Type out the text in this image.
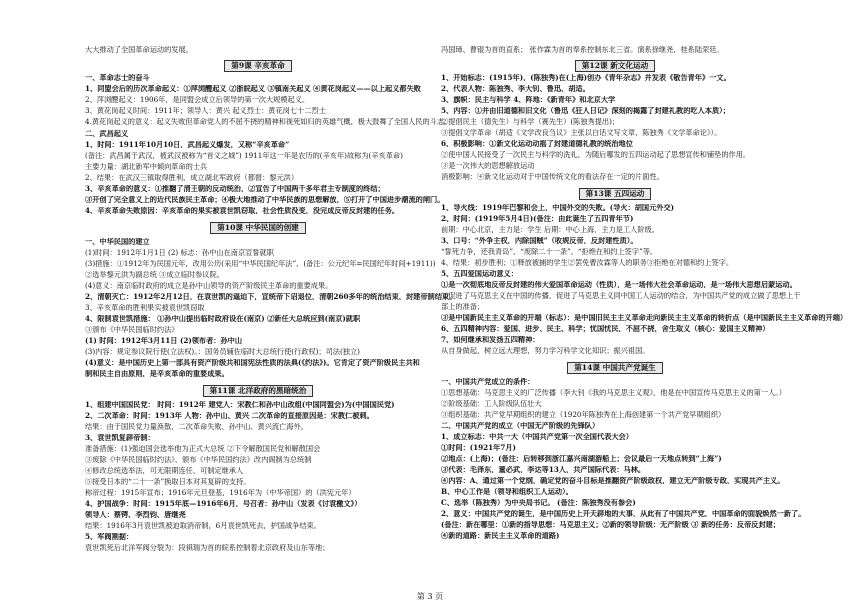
大大推动了全国革命运动的发展。
第9课 辛亥革命
一、革命志士的奋斗
1、同盟会后的历次革命起义：①萍浏醴起义 ②浙皖起义 ③镇南关起义 ④黄花岗起义——以上起义都失败
2、萍浏醴起义：1906年，是同盟会成立后领导的第一次大规模起义。
3、黄花岗起义时间：1911年；领导人：黄兴 起义烈士：黄花岗七十二烈士
4.黄花岗起义的意义：起义失败但革命党人的不屈不挠的精神和视死如归的英雄气概，极大鼓舞了全国人民的斗志。
二、武昌起义
1、时间：1911年10月10日，武昌起义爆发，又称“辛亥革命”
(备注：武昌属于武汉，被武汉被称为“首义之城”) 1911年这一年是农历的(辛亥年)故称为(辛亥革命)
主要力量：湖北新军中倾向革命的士兵
2、结果：在武汉三镇取得胜利，成立湖北军政府（都督：黎元洪）
3、辛亥革命的意义：①推翻了清王朝的反动统治，②宣告了中国两千多年君主专制度的终结；
③开创了完全意义上的近代民族民主革命；④极大地推动了中华民族的思想解放，⑤打开了中国进步潮流的闸门。
4、辛亥革命失败原因：辛亥革命的果实被袁世凯窃取，社会性质没变，没完成反帝反封建的任务。
第10课 中华民国的创建
一、中华民国的建立
(1)时间：1912年1月1日 (2) 标志：孙中山在南京宣誓就职
(3)措施：①1912年为民国元年，改用公历(采用“中华民国纪年法”，(备注：公元纪年=民国纪年时间+1911))
②选举黎元洪为副总统 ③成立临时参议院。
(4)意义：南京临时政府的成立是孙中山领导的资产阶级民主革命的重要成果。
2、清朝灭亡：1912年2月12日，在袁世凯的逼迫下，宣统帝下诏退位，清朝260多年的统治结束，封建帝制结束。
3、辛亥革命的胜利果实被袁世凯窃取
4、限制袁世凯措施： ①孙中山提出临时政府设在(南京) ②新任大总统应到(南京)就职
③颁布《中华民国临时约法》
(1) 时间：1912年3月11日 (2)领布者：孙中山
(3)内容：规定参议院行使(立法权)。：国务员辅佐临时大总统行使(行政权)；司法(独立)
(4)意义：是中国历史上第一部具有资产阶级共和国宪法性质的法典(《约法》)。它肯定了资产阶级民主共和
制和民主自由原则，是辛亥革命的重要成果。
第11课 北洋政府的黑暗统治
1、组建中国国民党： 时间：1912年 建党人：宋教仁和孙中山改组(中国同盟会)为(中国国民党)
2、二次革命：时间：1913年 人物：孙中山、黄兴 二次革命的直接原因是：宋教仁被刺。
结果：由于国民党力量涣散，二次革命失败，孙中山、黄兴流亡海外。
3、袁世凯复辟帝制：
准备措施：(1)强迫国会选举他为正式大总统 ②下令解散国民党和解散国会
③废除《中华民国临时约法》，颁布《中华民国约法》改内阁制为总统制
④修改总统选举法，可无限期连任，可制定继承人
⑤接受日本的“二十一条”换取日本对其复辟的支持。
称帝过程：1915年宣布；1916年元旦登基，1916年为（中华帝国）的（洪宪元年）
4、护国战争：时间：1915年底—1916年6月，号召者：孙中山（发表《讨袁檄文》）
领导人：蔡锷、李烈钧、唐继尧
结果：1916年3月袁世凯被迫取消帝制，6月袁世凯死去，护国战争结束。
5、军阀割据：
袁世凯死后北洋军阀分裂为：段祺瑞为首的皖系控制着北京政府及山东等地；
冯国璋、曹锟为首的直系； 张作霖为首的奉系控制东北三省。演系徐继尧，桂系陆荣廷。
第12课 新文化运动
1、开始标志：(1915年)，(陈独秀)在(上海)创办《青年杂志》并发表《敬告青年》一文。
2、代表人物：陈独秀、李大钊、鲁迅、胡适。
3、旗帜：民主与科学 4、阵地：《新青年》和北京大学
5、内容：①并由旧道德和旧文化（鲁迅《狂人日记》深刻的揭露了封建礼教的吃人本质）；
②提倡民主（德先生）与科学（赛先生）(陈独秀提出)；
③提倡文学革命（胡适《文学改良刍议》主张以白话文写文章，陈独秀《文学革命论》）。
6、积极影响：①新文化运动动摇了封建道德礼教的统治地位
②使中国人民接受了一次民主与科学的洗礼，为随后哪发的五四运动起了思想宣传和铺垫的作用。
③是一次伟大的思想解放运动
消极影响：④新文化运动对于中国传统文化的看法存在一定的片面性。
第13课 五四运动
1、导火线：1919年巴黎和会上，中国外交的失败。(导火：胡国元外交)
2、时间：(1919年5月4日)(备注：由此诞生了五四青年节)
前期：中心北京，主力是：学生 后期：中心上海，主力是工人阶级。
3、口号：“外争主权，内除国贼”（收规反帝，反封建性质）。
“誓死力争，还我青岛”，“废除二十一条”，“拒绝在和约上签字”等。
4、结果：初步胜利；①释放被捕的学生②罢免曹汝霖等人的职务③拒绝在对德和约上签字。
5、五四爱国运动意义：
①是一次彻底地反帝反封建的伟大爱国革命运动（性质），是一场伟大社会革命运动，是一场伟大思想启蒙运动。
②促进了马克思主义在中国的传播，促进了马克思主义同中国工人运动的结合，为中国共产党的成立做了思想上干
部上的准备；
③是中国新民主主义革命的开端（标志）：是中国旧民主主义革命走向新民主主义革命的转折点（是中国新民主主义革命的开端）
6、五四精神内容：爱国、进步、民主、科学；忧国忧民，不屈不挠，舍生取义（核心：爱国主义精神）
7、如何继承和发扬五四精神：
从自身做起，树立远大理想，努力学习科学文化知识；振兴祖国。
第14课 中国共产党诞生
一、中国共产党成立的条件：
①思想基础：马克思主义的广泛传播（李大钊《我的马克思主义观》，他是在中国宣传马克思主义的第一人。）
②阶级基础：工人阶级队伍壮大
③组织基础：共产党早期组织的建立（1920年陈独秀在上海创建第一个共产党早期组织）
二、中国共产党的成立（中国无产阶级的先锋队）
1、成立标志：中共一大（中国共产党第一次全国代表大会）
①时间：(1921年7月)
②地点：(上海)；(备注：后转移到浙江嘉兴南湖游船上；会议最后一天地点转到“上海”)
③代表：毛泽东，董必武，李达等13人，共产国际代表：马林。
④内容：A、通过第一个党纲，确定党的奋斗目标是推翻资产阶级政权，建立无产阶级专政，实现共产主义。
B、中心工作是（领导和组织工人运动）。
C、选举（陈独秀）为中央局书记。 (备注：陈独秀没有参会)
2、意义：中国共产党的诞生，是中国历史上开天辟地的大事，从此有了中国共产党，中国革命的面貌焕然一新了。
(备注：新在哪里：①新的指导思想：马克思主义；②新的领导阶级：无产阶级 ③ 新的任务：反帝反封建；
④新的道路：新民主主义革命的道路)
第 3 页
